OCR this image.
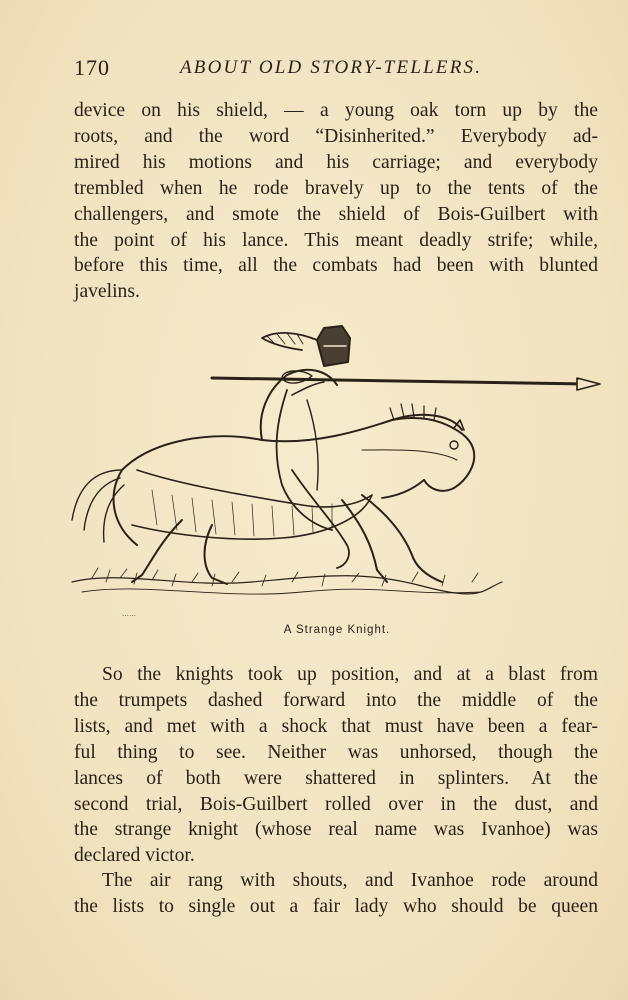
170	ABOUT OLD STORY-TELLERS.
device on his shield, — a young oak torn up by the
roots, and the word “Disinherited.” Everybody ad-
mired his motions and his carriage; and everybody
trembled when he rode bravely up to the tents of the
challengers, and smote the shield of Bois-Guilbert with
the point of his lance. This meant deadly strife; while,
before this time, all the combats had been with blunted
javelins.
……
A Strange Knight.
So the knights took up position, and at a blast from
the trumpets dashed forward into the middle of the
lists, and met with a shock that must have been a fear-
ful thing to see. Neither was unhorsed, though the
lances of both were shattered in splinters. At the
second trial, Bois-Guilbert rolled over in the dust, and
the strange knight (whose real name was Ivanhoe) was
declared victor.
The air rang with shouts, and Ivanhoe rode around
the lists to single out a fair lady who should be queen
